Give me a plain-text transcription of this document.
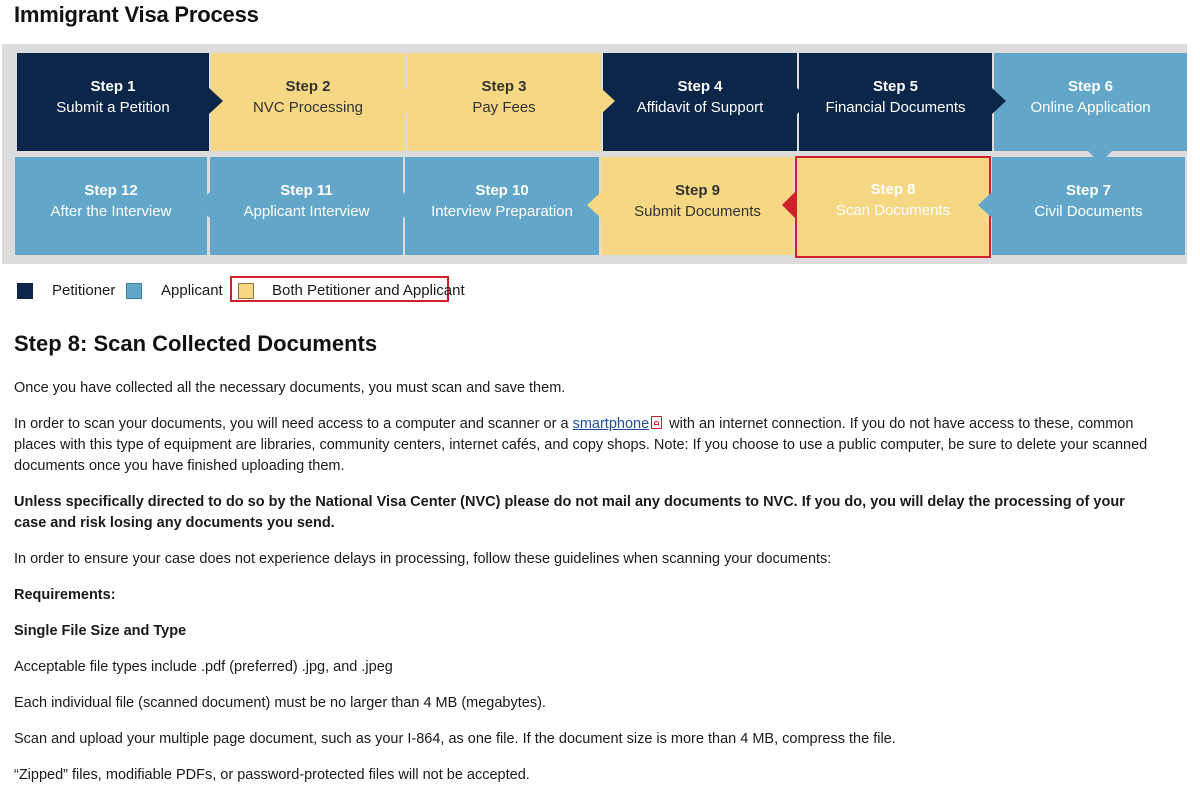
Immigrant Visa Process
Step 1
Submit a Petition
Step 2
NVC Processing
Step 3
Pay Fees
Step 4
Affidavit of Support
Step 5
Financial Documents
Step 6
Online Application
Step 12
After the Interview
Step 11
Applicant Interview
Step 10
Interview Preparation
Step 9
Submit Documents
Step 8
Scan Documents
Step 7
Civil Documents
Petitioner	Applicant	Both Petitioner and Applicant
Step 8: Scan Collected Documents

Once you have collected all the necessary documents, you must scan and save them.

In order to scan your documents, you will need access to a computer and scanner or a smartphone with an internet connection. If you do not have access to these, common places with this type of equipment are libraries, community centers, internet cafés, and copy shops. Note: If you choose to use a public computer, be sure to delete your scanned documents once you have finished uploading them.

Unless specifically directed to do so by the National Visa Center (NVC) please do not mail any documents to NVC. If you do, you will delay the processing of your case and risk losing any documents you send.

In order to ensure your case does not experience delays in processing, follow these guidelines when scanning your documents:

Requirements:

Single File Size and Type

Acceptable file types include .pdf (preferred) .jpg, and .jpeg

Each individual file (scanned document) must be no larger than 4 MB (megabytes).

Scan and upload your multiple page document, such as your I-864, as one file. If the document size is more than 4 MB, compress the file.

“Zipped” files, modifiable PDFs, or password-protected files will not be accepted.
